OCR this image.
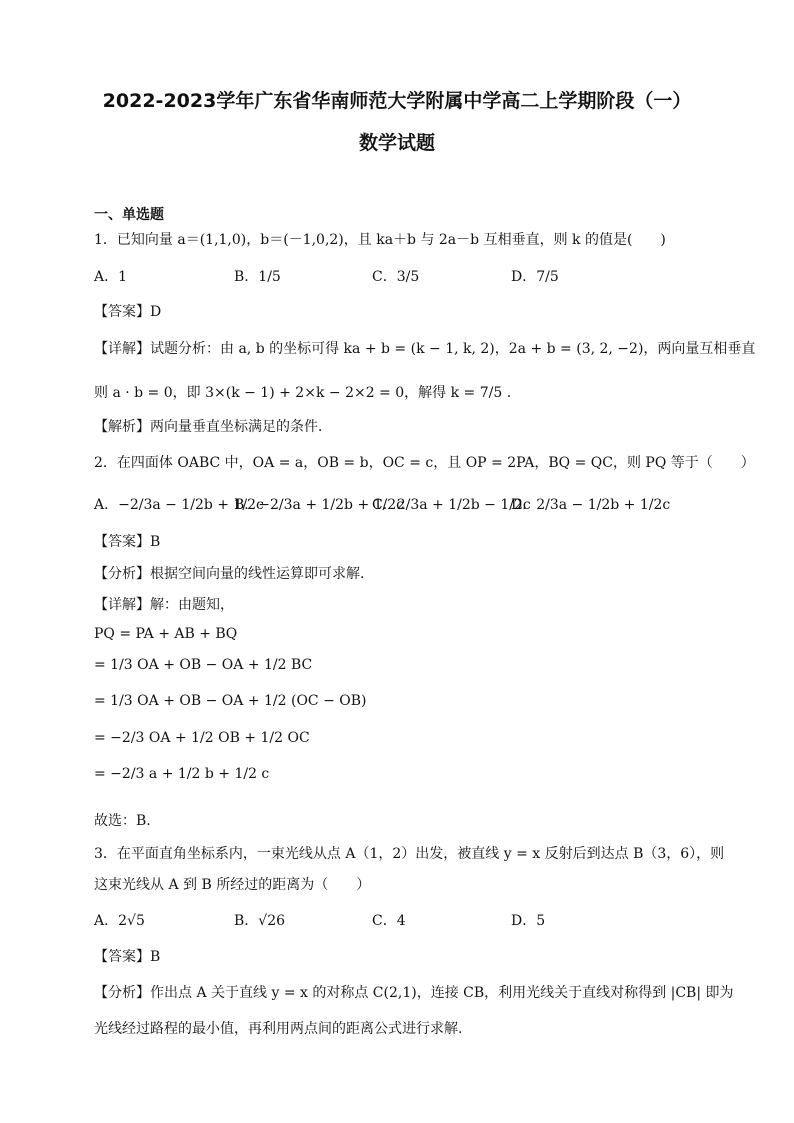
2022-2023学年广东省华南师范大学附属中学高二上学期阶段（一）
数学试题
一、单选题
1．已知向量 a＝(1,1,0)，b＝(－1,0,2)，且 ka＋b 与 2a－b 互相垂直，则 k 的值是(　　)
A．1	B．1/5	C．3/5	D．7/5
【答案】D
【详解】试题分析：由 a, b 的坐标可得 ka + b = (k − 1, k, 2)，2a + b = (3, 2, −2)，两向量互相垂直
则 a · b = 0，即 3×(k − 1) + 2×k − 2×2 = 0，解得 k = 7/5 .
【解析】两向量垂直坐标满足的条件．
2．在四面体 OABC 中，OA = a，OB = b，OC = c，且 OP = 2PA，BQ = QC，则 PQ 等于（　　）
A．−2/3a − 1/2b + 1/2c
B．−2/3a + 1/2b + 1/2c
C．2/3a + 1/2b − 1/2c
D．2/3a − 1/2b + 1/2c
【答案】B
【分析】根据空间向量的线性运算即可求解.
【详解】解：由题知，
PQ = PA + AB + BQ
= 1/3 OA + OB − OA + 1/2 BC
= 1/3 OA + OB − OA + 1/2 (OC − OB)
= −2/3 OA + 1/2 OB + 1/2 OC
= −2/3 a + 1/2 b + 1/2 c
故选：B.
3．在平面直角坐标系内，一束光线从点 A（1，2）出发，被直线 y = x 反射后到达点 B（3，6），则
这束光线从 A 到 B 所经过的距离为（　　）
A．2√5	B．√26	C．4	D．5
【答案】B
【分析】作出点 A 关于直线 y = x 的对称点 C(2,1)，连接 CB，利用光线关于直线对称得到 |CB| 即为
光线经过路程的最小值，再利用两点间的距离公式进行求解.
